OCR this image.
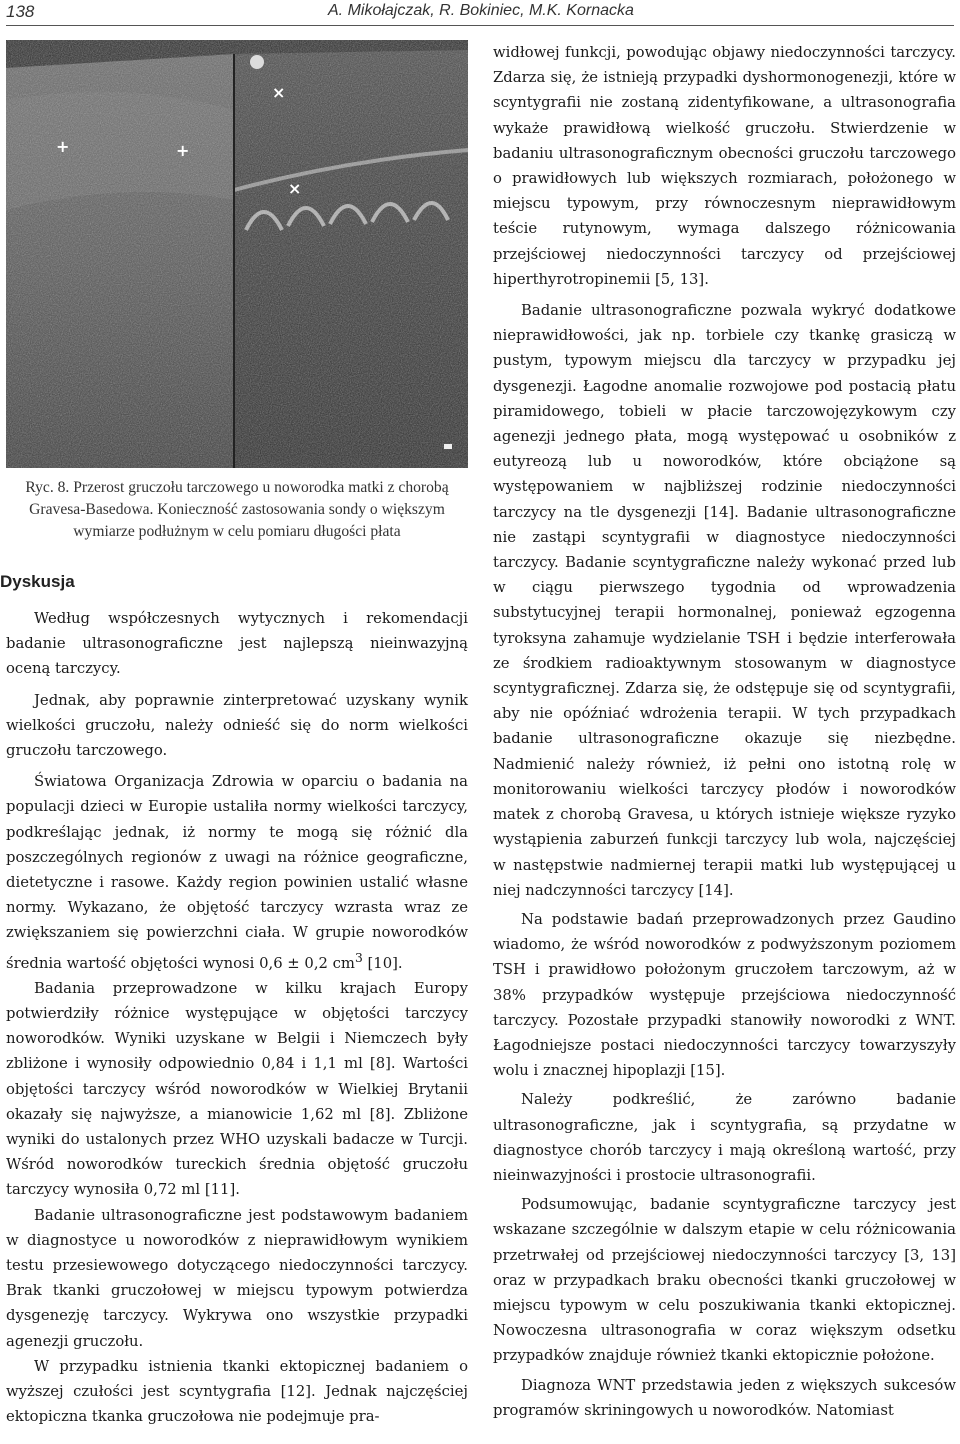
138	A. Mikołajczak, R. Bokiniec, M.K. Kornacka
+	+
×
×

Ryc. 8. Przerost gruczołu tarczowego u noworodka matki z chorobą Gravesa-Basedowa. Konieczność zastosowania sondy o większym wymiarze podłużnym w celu pomiaru długości płata

Dyskusja

Według współczesnych wytycznych i rekomendacji badanie ultrasonograficzne jest najlepszą nieinwazyjną oceną tarczycy.

Jednak, aby poprawnie zinterpretować uzyskany wynik wielkości gruczołu, należy odnieść się do norm wielkości gruczołu tarczowego.

Światowa Organizacja Zdrowia w oparciu o badania na populacji dzieci w Europie ustaliła normy wielkości tarczycy, podkreślając jednak, iż normy te mogą się różnić dla poszczególnych regionów z uwagi na różnice geograficzne, dietetyczne i rasowe. Każdy region powinien ustalić własne normy. Wykazano, że objętość tarczycy wzrasta wraz ze zwiększaniem się powierzchni ciała. W grupie noworodków średnia wartość objętości wynosi 0,6 ± 0,2 $cm^3$ [10].

Badania przeprowadzone w kilku krajach Europy potwierdziły różnice występujące w objętości tarczycy noworodków. Wyniki uzyskane w Belgii i Niemczech były zbliżone i wynosiły odpowiednio 0,84 i 1,1 ml [8]. Wartości objętości tarczycy wśród noworodków w Wielkiej Brytanii okazały się najwyższe, a mianowicie 1,62 ml [8]. Zbliżone wyniki do ustalonych przez WHO uzyskali badacze w Turcji. Wśród noworodków tureckich średnia objętość gruczołu tarczycy wynosiła 0,72 ml [11].

Badanie ultrasonograficzne jest podstawowym badaniem w diagnostyce u noworodków z nieprawidłowym wynikiem testu przesiewowego dotyczącego niedoczynności tarczycy. Brak tkanki gruczołowej w miejscu typowym potwierdza dysgenezję tarczycy. Wykrywa ono wszystkie przypadki agenezji gruczołu.

W przypadku istnienia tkanki ektopicznej badaniem o wyższej czułości jest scyntygrafia [12]. Jednak najczęściej ektopiczna tkanka gruczołowa nie podejmuje pra-

widłowej funkcji, powodując objawy niedoczynności tarczycy. Zdarza się, że istnieją przypadki dyshormonogenezji, które w scyntygrafii nie zostaną zidentyfikowane, a ultrasonografia wykaże prawidłową wielkość gruczołu. Stwierdzenie w badaniu ultrasonograficznym obecności gruczołu tarczowego o prawidłowych lub większych rozmiarach, położonego w miejscu typowym, przy równoczesnym nieprawidłowym teście rutynowym, wymaga dalszego różnicowania przejściowej niedoczynności tarczycy od przejściowej hiperthyrotropinemii [5, 13].

Badanie ultrasonograficzne pozwala wykryć dodatkowe nieprawidłowości, jak np. torbiele czy tkankę grasiczą w pustym, typowym miejscu dla tarczycy w przypadku jej dysgenezji. Łagodne anomalie rozwojowe pod postacią płatu piramidowego, tobieli w płacie tarczowojęzykowym czy agenezji jednego płata, mogą występować u osobników z eutyreozą lub u noworodków, które obciążone są występowaniem w najbliższej rodzinie niedoczynności tarczycy na tle dysgenezji [14]. Badanie ultrasonograficzne nie zastąpi scyntygrafii w diagnostyce niedoczynności tarczycy. Badanie scyntygraficzne należy wykonać przed lub w ciągu pierwszego tygodnia od wprowadzenia substytucyjnej terapii hormonalnej, ponieważ egzogenna tyroksyna zahamuje wydzielanie TSH i będzie interferowała ze środkiem radioaktywnym stosowanym w diagnostyce scyntygraficznej. Zdarza się, że odstępuje się od scyntygrafii, aby nie opóźniać wdrożenia terapii. W tych przypadkach badanie ultrasonograficzne okazuje się niezbędne. Nadmienić należy również, iż pełni ono istotną rolę w monitorowaniu wielkości tarczycy płodów i noworodków matek z chorobą Gravesa, u których istnieje większe ryzyko wystąpienia zaburzeń funkcji tarczycy lub wola, najczęściej w następstwie nadmiernej terapii matki lub występującej u niej nadczynności tarczycy [14].

Na podstawie badań przeprowadzonych przez Gaudino wiadomo, że wśród noworodków z podwyższonym poziomem TSH i prawidłowo położonym gruczołem tarczowym, aż w 38% przypadków występuje przejściowa niedoczynność tarczycy. Pozostałe przypadki stanowiły noworodki z WNT. Łagodniejsze postaci niedoczynności tarczycy towarzyszyły wolu i znacznej hipoplazji [15].

Należy podkreślić, że zarówno badanie ultrasonograficzne, jak i scyntygrafia, są przydatne w diagnostyce chorób tarczycy i mają określoną wartość, przy nieinwazyjności i prostocie ultrasonografii.

Podsumowując, badanie scyntygraficzne tarczycy jest wskazane szczególnie w dalszym etapie w celu różnicowania przetrwałej od przejściowej niedoczynności tarczycy [3, 13] oraz w przypadkach braku obecności tkanki gruczołowej w miejscu typowym w celu poszukiwania tkanki ektopicznej. Nowoczesna ultrasonografia w coraz większym odsetku przypadków znajduje również tkanki ektopicznie położone.

Diagnoza WNT przedstawia jeden z większych sukcesów programów skriningowych u noworodków. Natomiast
